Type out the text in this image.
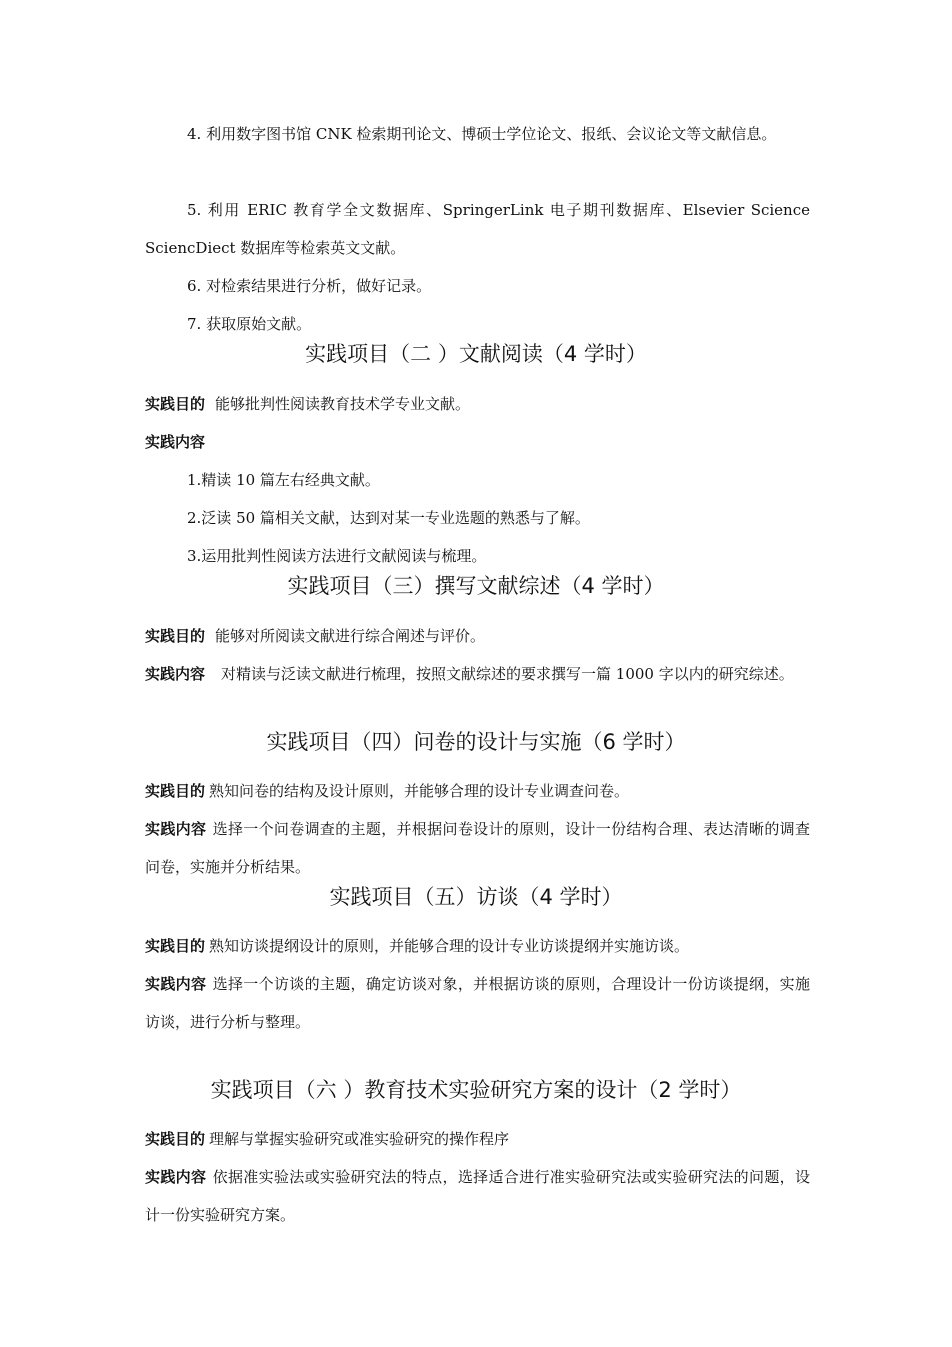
4. 利用数字图书馆 CNK 检索期刊论文、博硕士学位论文、报纸、会议论文等文献信息。

5. 利用 ERIC 教育学全文数据库、SpringerLink 电子期刊数据库、Elsevier Science

SciencDiect 数据库等检索英文文献。

6. 对检索结果进行分析，做好记录。

7. 获取原始文献。

实践项目（二 ）文献阅读（4 学时）

实践目的 能够批判性阅读教育技术学专业文献。

实践内容

1.精读 10 篇左右经典文献。

2.泛读 50 篇相关文献，达到对某一专业选题的熟悉与了解。

3.运用批判性阅读方法进行文献阅读与梳理。

实践项目（三）撰写文献综述（4 学时）

实践目的 能够对所阅读文献进行综合阐述与评价。

实践内容 对精读与泛读文献进行梳理，按照文献综述的要求撰写一篇 1000 字以内的研究综述。

实践项目（四）问卷的设计与实施（6 学时）

实践目的 熟知问卷的结构及设计原则，并能够合理的设计专业调查问卷。

实践内容 选择一个问卷调查的主题，并根据问卷设计的原则，设计一份结构合理、表达清晰的调查问卷，实施并分析结果。

实践项目（五）访谈（4 学时）

实践目的 熟知访谈提纲设计的原则，并能够合理的设计专业访谈提纲并实施访谈。

实践内容 选择一个访谈的主题，确定访谈对象，并根据访谈的原则，合理设计一份访谈提纲，实施访谈，进行分析与整理。

实践项目（六 ）教育技术实验研究方案的设计（2 学时）

实践目的 理解与掌握实验研究或准实验研究的操作程序

实践内容 依据准实验法或实验研究法的特点，选择适合进行准实验研究法或实验研究法的问题，设计一份实验研究方案。
